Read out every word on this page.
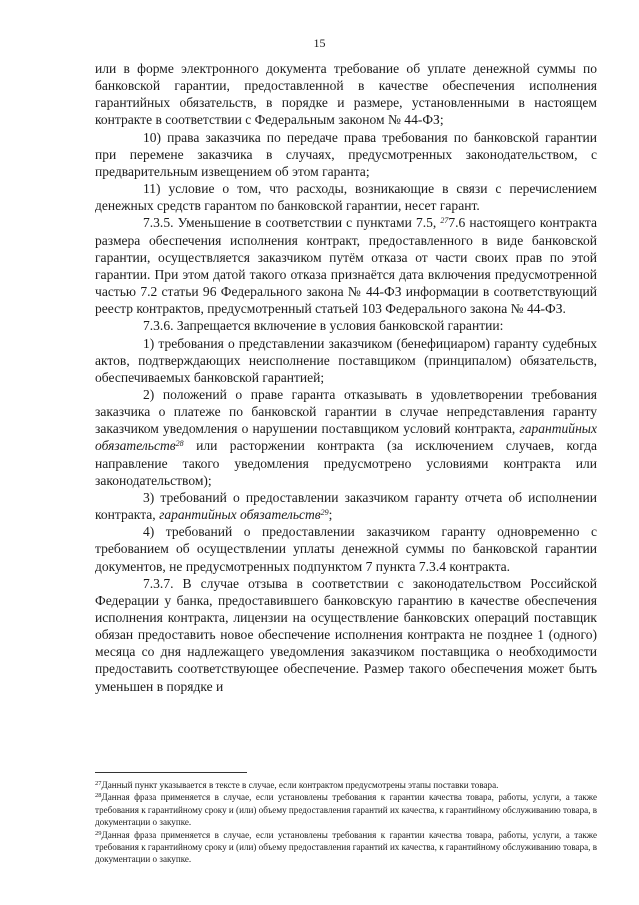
15

или в форме электронного документа требование об уплате денежной суммы по банковской гарантии, предоставленной в качестве обеспечения исполнения гарантийных обязательств, в порядке и размере, установленными в настоящем контракте в соответствии с Федеральным законом № 44-ФЗ;

10) права заказчика по передаче права требования по банковской гарантии при перемене заказчика в случаях, предусмотренных законодательством, с предварительным извещением об этом гаранта;

11) условие о том, что расходы, возникающие в связи с перечислением денежных средств гарантом по банковской гарантии, несет гарант.

7.3.5. Уменьшение в соответствии с пунктами 7.5, $^{27}$7.6 настоящего контракта размера обеспечения исполнения контракт, предоставленного в виде банковской гарантии, осуществляется заказчиком путём отказа от части своих прав по этой гарантии. При этом датой такого отказа признаётся дата включения предусмотренной частью 7.2 статьи 96 Федерального закона № 44-ФЗ информации в соответствующий реестр контрактов, предусмотренный статьей 103 Федерального закона № 44-ФЗ.

7.3.6. Запрещается включение в условия банковской гарантии:

1) требования о представлении заказчиком (бенефициаром) гаранту судебных актов, подтверждающих неисполнение поставщиком (принципалом) обязательств, обеспечиваемых банковской гарантией;

2) положений о праве гаранта отказывать в удовлетворении требования заказчика о платеже по банковской гарантии в случае непредставления гаранту заказчиком уведомления о нарушении поставщиком условий контракта, гарантийных обязательств$^{28}$ или расторжении контракта (за исключением случаев, когда направление такого уведомления предусмотрено условиями контракта или законодательством);

3) требований о предоставлении заказчиком гаранту отчета об исполнении контракта, гарантийных обязательств$^{29}$;

4) требований о предоставлении заказчиком гаранту одновременно с требованием об осуществлении уплаты денежной суммы по банковской гарантии документов, не предусмотренных подпунктом 7 пункта 7.3.4 контракта.

7.3.7. В случае отзыва в соответствии с законодательством Российской Федерации у банка, предоставившего банковскую гарантию в качестве обеспечения исполнения контракта, лицензии на осуществление банковских операций поставщик обязан предоставить новое обеспечение исполнения контракта не позднее 1 (одного) месяца со дня надлежащего уведомления заказчиком поставщика о необходимости предоставить соответствующее обеспечение. Размер такого обеспечения может быть уменьшен в порядке и

$^{27}$Данный пункт указывается в тексте в случае, если контрактом предусмотрены этапы поставки товара.

$^{28}$Данная фраза применяется в случае, если установлены требования к гарантии качества товара, работы, услуги, а также требования к гарантийному сроку и (или) объему предоставления гарантий их качества, к гарантийному обслуживанию товара, в документации о закупке.

$^{29}$Данная фраза применяется в случае, если установлены требования к гарантии качества товара, работы, услуги, а также требования к гарантийному сроку и (или) объему предоставления гарантий их качества, к гарантийному обслуживанию товара, в документации о закупке.
